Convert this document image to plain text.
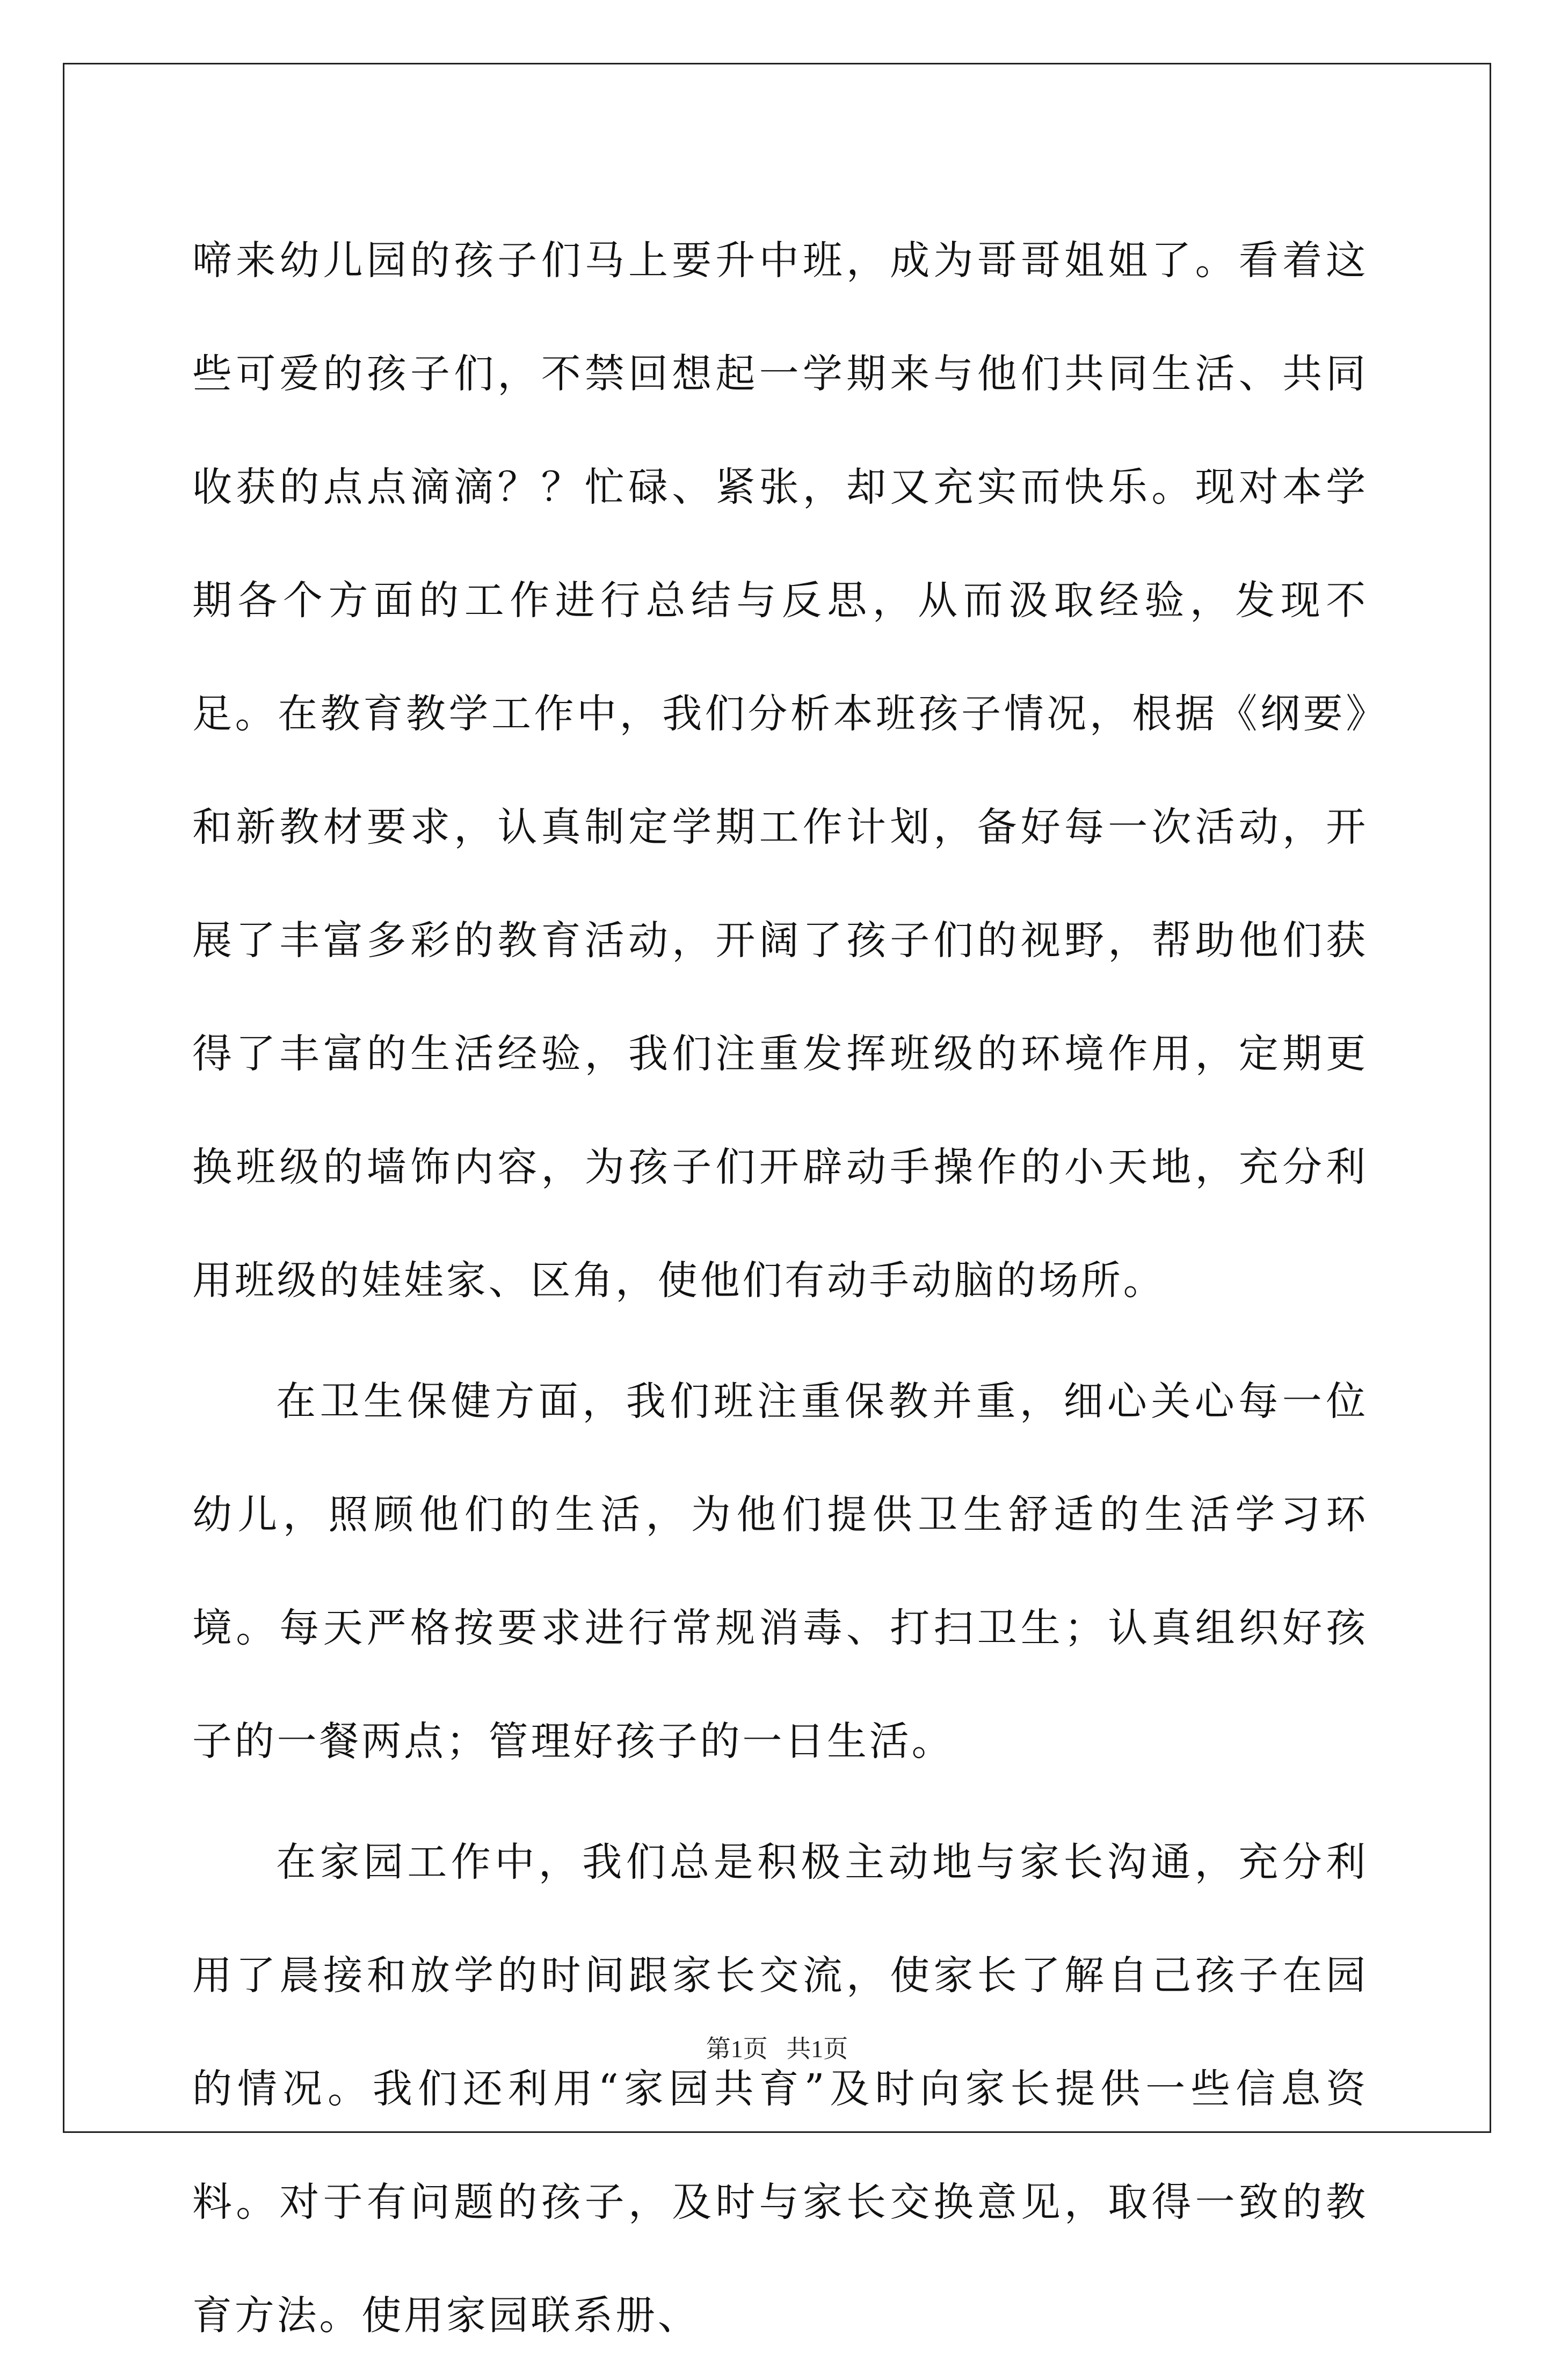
啼来幼儿园的孩子们马上要升中班，成为哥哥姐姐了。看着这些可爱的孩子们，不禁回想起一学期来与他们共同生活、共同收获的点点滴滴？？忙碌、紧张，却又充实而快乐。现对本学期各个方面的工作进行总结与反思，从而汲取经验，发现不足。在教育教学工作中，我们分析本班孩子情况，根据《纲要》和新教材要求，认真制定学期工作计划，备好每一次活动，开展了丰富多彩的教育活动，开阔了孩子们的视野，帮助他们获得了丰富的生活经验，我们注重发挥班级的环境作用，定期更换班级的墙饰内容，为孩子们开辟动手操作的小天地，充分利用班级的娃娃家、区角，使他们有动手动脑的场所。

在卫生保健方面，我们班注重保教并重，细心关心每一位幼儿，照顾他们的生活，为他们提供卫生舒适的生活学习环境。每天严格按要求进行常规消毒、打扫卫生；认真组织好孩子的一餐两点；管理好孩子的一日生活。

在家园工作中，我们总是积极主动地与家长沟通，充分利用了晨接和放学的时间跟家长交流，使家长了解自己孩子在园的情况。我们还利用“家园共育”及时向家长提供一些信息资料。对于有问题的孩子，及时与家长交换意见，取得一致的教育方法。使用家园联系册、

第1页   共1页
